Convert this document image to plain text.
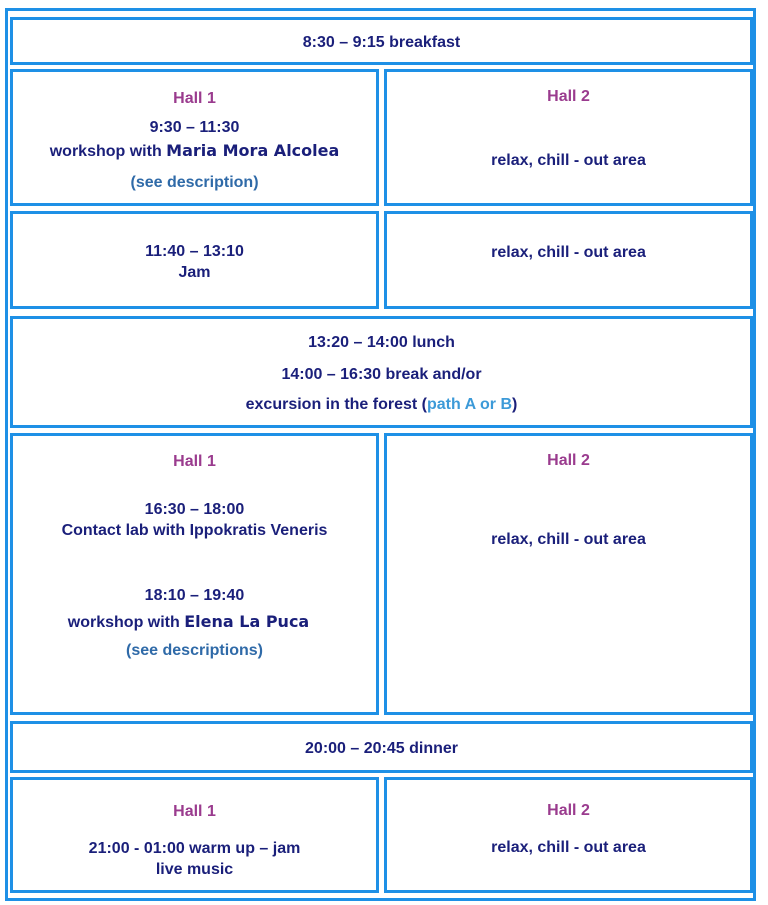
8:30 – 9:15 breakfast
Hall 1
9:30 – 11:30
workshop with Maria Mora Alcolea
(see description)
Hall 2
relax, chill - out area
11:40 – 13:10
Jam
relax, chill - out area
13:20 – 14:00 lunch
14:00 – 16:30 break and/or
excursion in the forest (path A or B)
Hall 1
16:30 – 18:00
Contact lab with Ippokratis Veneris
18:10 – 19:40
workshop with Elena La Puca
(see descriptions)
Hall 2
relax, chill - out area
20:00 – 20:45 dinner
Hall 1
21:00 - 01:00 warm up – jam
live music
Hall 2
relax, chill - out area
